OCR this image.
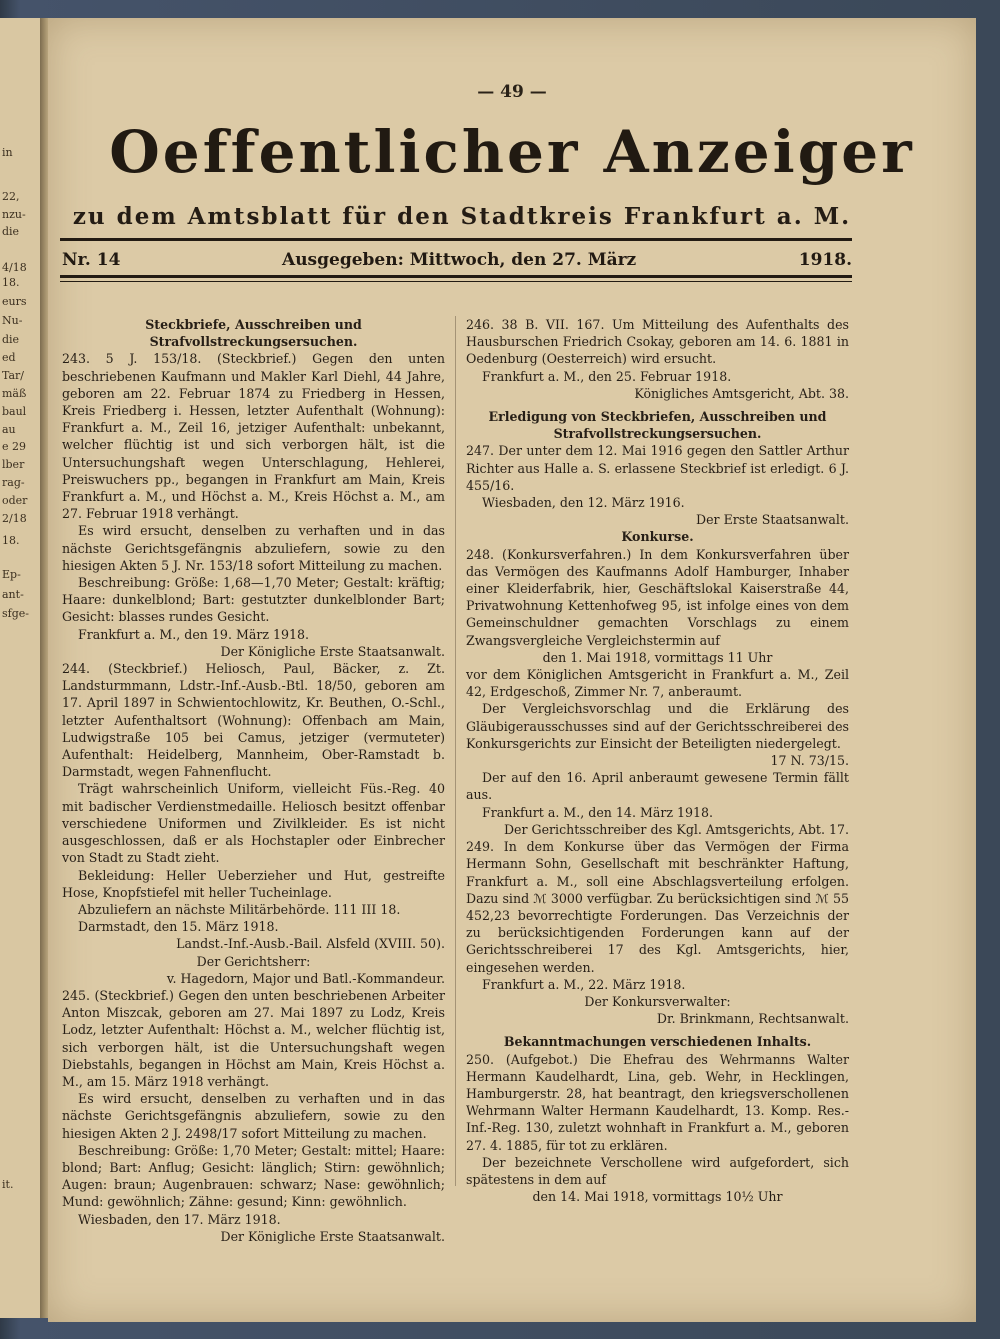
in
22,
nzu-
die
4/18
18.
eurs
Nu-
die
ed
Tar/
mäß
baul
au
e 29
lber
rag-
oder
2/18
18.
Ep-
ant-
sfge-
it.
— 49 —
Oeffentlicher Anzeiger
zu dem Amtsblatt für den Stadtkreis Frankfurt a. M.
Nr. 14	Ausgegeben: Mittwoch, den 27. März	1918.

Steckbriefe, Ausschreiben und Strafvollstreckungsersuchen.

243. 5 J. 153/18. (Steckbrief.) Gegen den unten beschriebenen Kaufmann und Makler Karl Diehl, 44 Jahre, geboren am 22. Februar 1874 zu Friedberg in Hessen, Kreis Friedberg i. Hessen, letzter Aufenthalt (Wohnung): Frankfurt a. M., Zeil 16, jetziger Aufenthalt: unbekannt, welcher flüchtig ist und sich verborgen hält, ist die Untersuchungshaft wegen Unterschlagung, Hehlerei, Preiswuchers pp., begangen in Frankfurt am Main, Kreis Frankfurt a. M., und Höchst a. M., Kreis Höchst a. M., am 27. Februar 1918 verhängt.

Es wird ersucht, denselben zu verhaften und in das nächste Gerichtsgefängnis abzuliefern, sowie zu den hiesigen Akten 5 J. Nr. 153/18 sofort Mitteilung zu machen.

Beschreibung: Größe: 1,68—1,70 Meter; Gestalt: kräftig; Haare: dunkelblond; Bart: gestutzter dunkelblonder Bart; Gesicht: blasses rundes Gesicht.

Frankfurt a. M., den 19. März 1918.

Der Königliche Erste Staatsanwalt.

244. (Steckbrief.) Heliosch, Paul, Bäcker, z. Zt. Landsturmmann, Ldstr.-Inf.-Ausb.-Btl. 18/50, geboren am 17. April 1897 in Schwientochlowitz, Kr. Beuthen, O.-Schl., letzter Aufenthaltsort (Wohnung): Offenbach am Main, Ludwigstraße 105 bei Camus, jetziger (vermuteter) Aufenthalt: Heidelberg, Mannheim, Ober-Ramstadt b. Darmstadt, wegen Fahnenflucht.

Trägt wahrscheinlich Uniform, vielleicht Füs.-Reg. 40 mit badischer Verdienstmedaille. Heliosch besitzt offenbar verschiedene Uniformen und Zivilkleider. Es ist nicht ausgeschlossen, daß er als Hochstapler oder Einbrecher von Stadt zu Stadt zieht.

Bekleidung: Heller Ueberzieher und Hut, gestreifte Hose, Knopfstiefel mit heller Tucheinlage.

Abzuliefern an nächste Militärbehörde. 111 III 18.

Darmstadt, den 15. März 1918.

Landst.-Inf.-Ausb.-Bail. Alsfeld (XVIII. 50).

Der Gerichtsherr:

v. Hagedorn, Major und Batl.-Kommandeur.

245. (Steckbrief.) Gegen den unten beschriebenen Arbeiter Anton Miszcak, geboren am 27. Mai 1897 zu Lodz, Kreis Lodz, letzter Aufenthalt: Höchst a. M., welcher flüchtig ist, sich verborgen hält, ist die Untersuchungshaft wegen Diebstahls, begangen in Höchst am Main, Kreis Höchst a. M., am 15. März 1918 verhängt.

Es wird ersucht, denselben zu verhaften und in das nächste Gerichtsgefängnis abzuliefern, sowie zu den hiesigen Akten 2 J. 2498/17 sofort Mitteilung zu machen.

Beschreibung: Größe: 1,70 Meter; Gestalt: mittel; Haare: blond; Bart: Anflug; Gesicht: länglich; Stirn: gewöhnlich; Augen: braun; Augenbrauen: schwarz; Nase: gewöhnlich; Mund: gewöhnlich; Zähne: gesund; Kinn: gewöhnlich.

Wiesbaden, den 17. März 1918.

Der Königliche Erste Staatsanwalt.

246. 38 B. VII. 167. Um Mitteilung des Aufenthalts des Hausburschen Friedrich Csokay, geboren am 14. 6. 1881 in Oedenburg (Oesterreich) wird ersucht.

Frankfurt a. M., den 25. Februar 1918.

Königliches Amtsgericht, Abt. 38.

Erledigung von Steckbriefen, Ausschreiben und Strafvollstreckungsersuchen.

247. Der unter dem 12. Mai 1916 gegen den Sattler Arthur Richter aus Halle a. S. erlassene Steckbrief ist erledigt. 6 J. 455/16.

Wiesbaden, den 12. März 1916.

Der Erste Staatsanwalt.

Konkurse.

248. (Konkursverfahren.) In dem Konkursverfahren über das Vermögen des Kaufmanns Adolf Hamburger, Inhaber einer Kleiderfabrik, hier, Geschäftslokal Kaiserstraße 44, Privatwohnung Kettenhofweg 95, ist infolge eines von dem Gemeinschuldner gemachten Vorschlags zu einem Zwangsvergleiche Vergleichstermin auf

den 1. Mai 1918, vormittags 11 Uhr

vor dem Königlichen Amtsgericht in Frankfurt a. M., Zeil 42, Erdgeschoß, Zimmer Nr. 7, anberaumt.

Der Vergleichsvorschlag und die Erklärung des Gläubigerausschusses sind auf der Gerichtsschreiberei des Konkursgerichts zur Einsicht der Beteiligten niedergelegt.

17 N. 73/15.

Der auf den 16. April anberaumt gewesene Termin fällt aus.

Frankfurt a. M., den 14. März 1918.

Der Gerichtsschreiber des Kgl. Amtsgerichts, Abt. 17.

249. In dem Konkurse über das Vermögen der Firma Hermann Sohn, Gesellschaft mit beschränkter Haftung, Frankfurt a. M., soll eine Abschlagsverteilung erfolgen. Dazu sind ℳ 3000 verfügbar. Zu berücksichtigen sind ℳ 55 452,23 bevorrechtigte Forderungen. Das Verzeichnis der zu berücksichtigenden Forderungen kann auf der Gerichtsschreiberei 17 des Kgl. Amtsgerichts, hier, eingesehen werden.

Frankfurt a. M., 22. März 1918.

Der Konkursverwalter:

Dr. Brinkmann, Rechtsanwalt.

Bekanntmachungen verschiedenen Inhalts.

250. (Aufgebot.) Die Ehefrau des Wehrmanns Walter Hermann Kaudelhardt, Lina, geb. Wehr, in Hecklingen, Hamburgerstr. 28, hat beantragt, den kriegsverschollenen Wehrmann Walter Hermann Kaudelhardt, 13. Komp. Res.-Inf.-Reg. 130, zuletzt wohnhaft in Frankfurt a. M., geboren 27. 4. 1885, für tot zu erklären.

Der bezeichnete Verschollene wird aufgefordert, sich spätestens in dem auf

den 14. Mai 1918, vormittags 10½ Uhr
